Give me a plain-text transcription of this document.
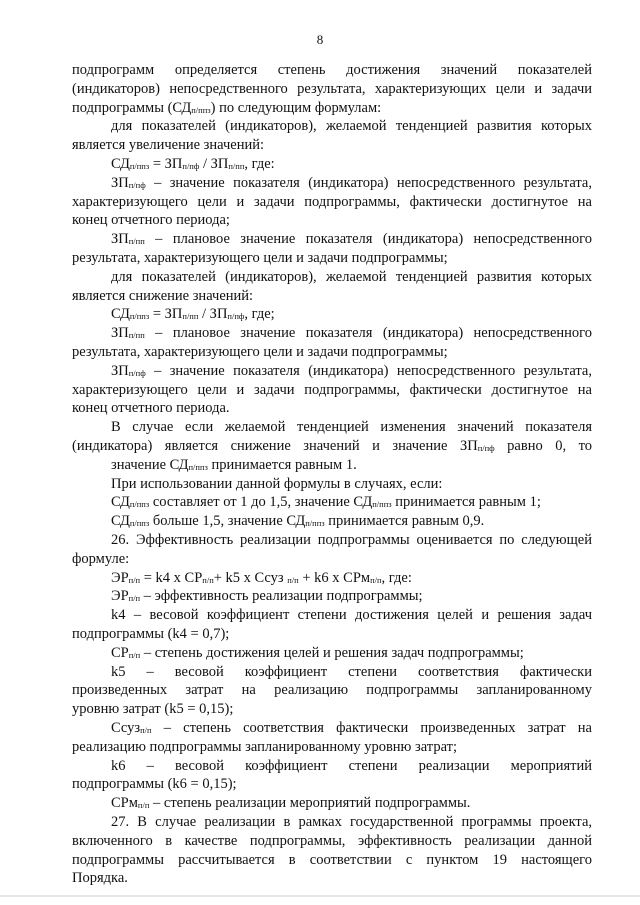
8
подпрограмм определяется степень достижения значений показателей
(индикаторов) непосредственного результата, характеризующих цели и задачи
подпрограммы $(СД_{п/ппз})$ по следующим формулам:
для показателей (индикаторов), желаемой тенденцией развития которых
является увеличение значений:
$СД_{п/ппз} = ЗП_{п/пф} / ЗП_{п/пп}$, где:
$ЗП_{п/пф}$ – значение показателя (индикатора) непосредственного результата,
характеризующего цели и задачи подпрограммы, фактически достигнутое на
конец отчетного периода;
$ЗП_{п/пп}$ – плановое значение показателя (индикатора) непосредственного
результата, характеризующего цели и задачи подпрограммы;
для показателей (индикаторов), желаемой тенденцией развития которых
является снижение значений:
$СД_{п/ппз} = ЗП_{п/пп} / ЗП_{п/пф}$, где;
$ЗП_{п/пп}$ – плановое значение показателя (индикатора) непосредственного
результата, характеризующего цели и задачи подпрограммы;
$ЗП_{п/пф}$ – значение показателя (индикатора) непосредственного результата,
характеризующего цели и задачи подпрограммы, фактически достигнутое на
конец отчетного периода.
В случае если желаемой тенденцией изменения значений показателя
(индикатора) является снижение значений и значение $ЗП_{п/пф}$ равно 0, то
значение $СД_{п/ппз}$ принимается равным 1.
При использовании данной формулы в случаях, если:
$СД_{п/ппз}$ составляет от 1 до 1,5, значение $СД_{п/ппз}$ принимается равным 1;
$СД_{п/ппз}$ больше 1,5, значение $СД_{п/ппз}$ принимается равным 0,9.
26. Эффективность реализации подпрограммы оценивается по следующей
формуле:
$ЭР_{п/п} = k4$ х $СР_{п/п}+ k5$ х Ссуз $_{п/п}$ + k6 х СРм$_{п/п}$, где:
$ЭР_{п/п}$ – эффективность реализации подпрограммы;
k4 – весовой коэффициент степени достижения целей и решения задач
подпрограммы (k4 = 0,7);
$СР_{п/п}$ – степень достижения целей и решения задач подпрограммы;
k5 – весовой коэффициент степени соответствия фактически
произведенных затрат на реализацию подпрограммы запланированному
уровню затрат (k5 = 0,15);
Ссуз$_{п/п}$ – степень соответствия фактически произведенных затрат на
реализацию подпрограммы запланированному уровню затрат;
k6 – весовой коэффициент степени реализации мероприятий
подпрограммы (k6 = 0,15);
СРм$_{п/п}$ – степень реализации мероприятий подпрограммы.
27. В случае реализации в рамках государственной программы проекта,
включенного в качестве подпрограммы, эффективность реализации данной
подпрограммы рассчитывается в соответствии с пунктом 19 настоящего
Порядка.
